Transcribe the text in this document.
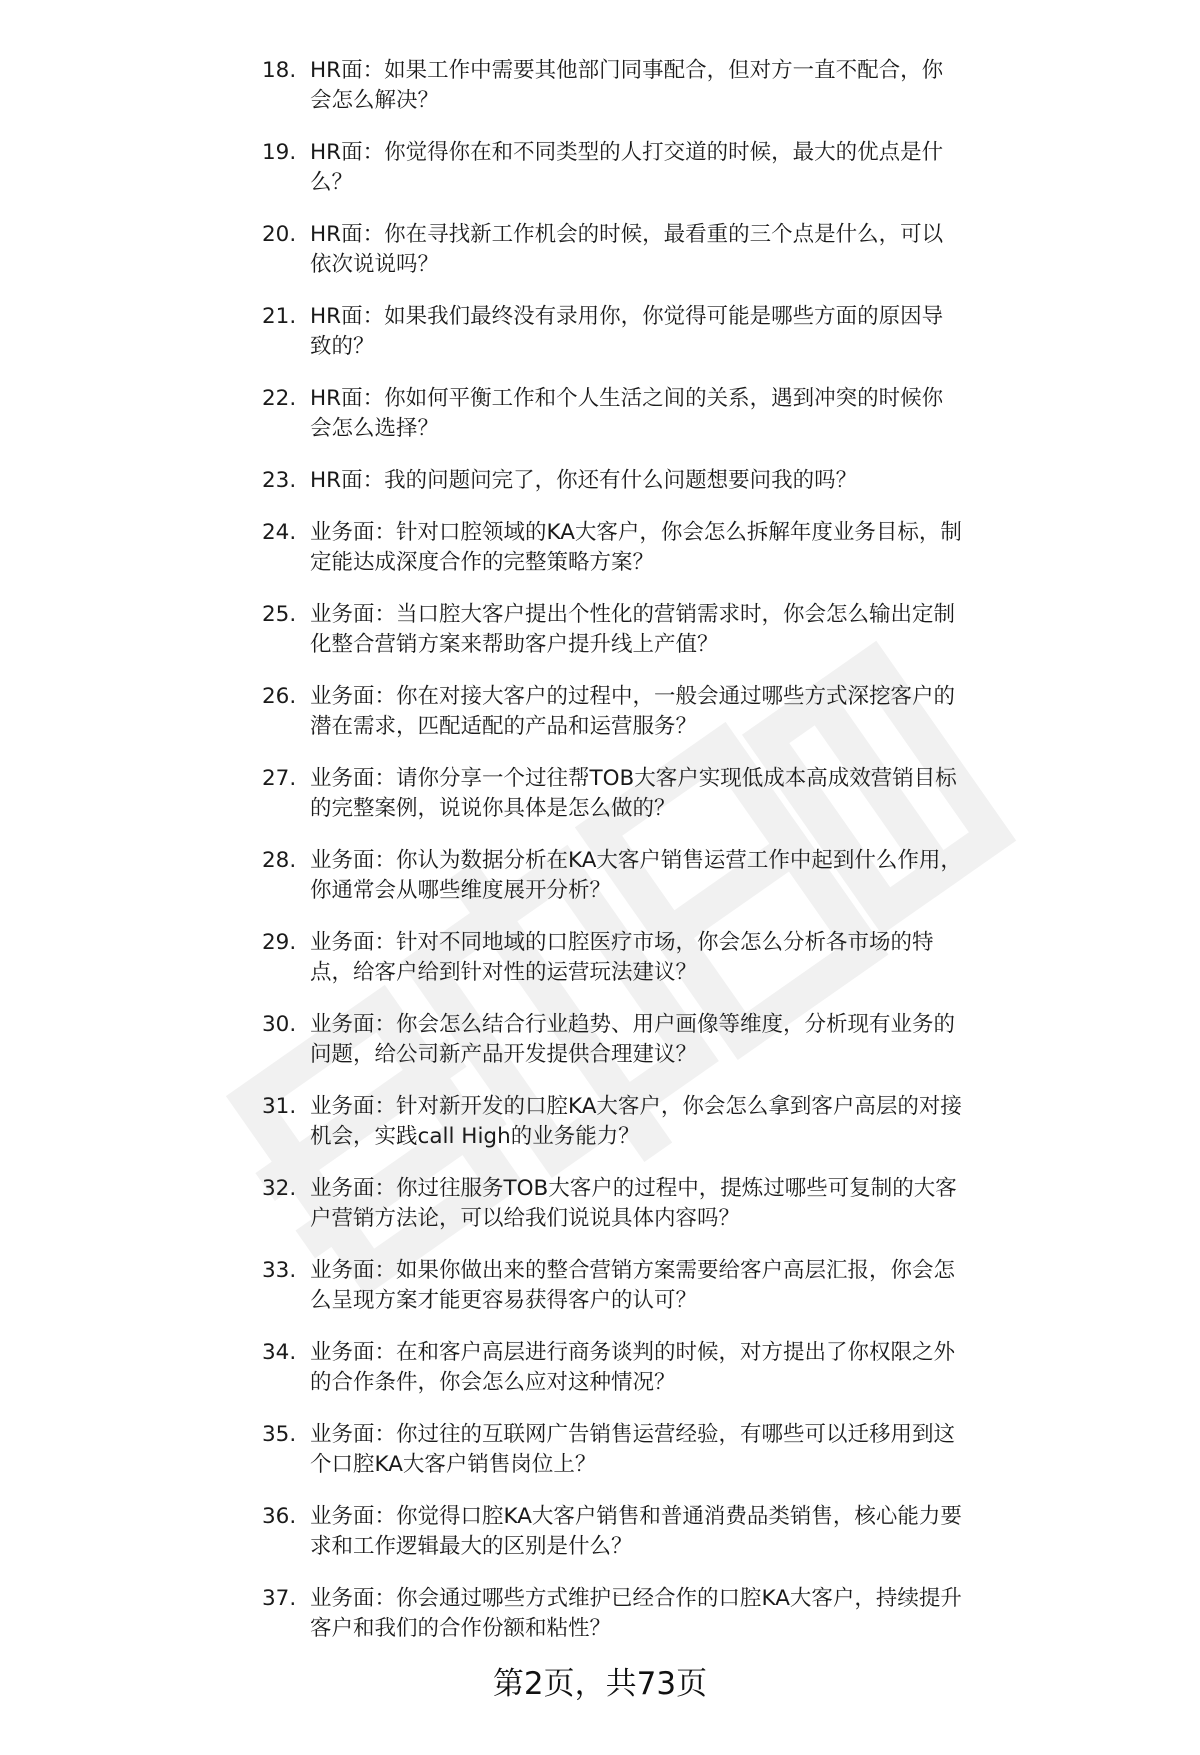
18. HR面：如果工作中需要其他部门同事配合，但对方一直不配合，你会怎么解决？
19. HR面：你觉得你在和不同类型的人打交道的时候，最大的优点是什么？
20. HR面：你在寻找新工作机会的时候，最看重的三个点是什么，可以依次说说吗？
21. HR面：如果我们最终没有录用你，你觉得可能是哪些方面的原因导致的？
22. HR面：你如何平衡工作和个人生活之间的关系，遇到冲突的时候你会怎么选择？
23. HR面：我的问题问完了，你还有什么问题想要问我的吗？
24. 业务面：针对口腔领域的KA大客户，你会怎么拆解年度业务目标，制定能达成深度合作的完整策略方案？
25. 业务面：当口腔大客户提出个性化的营销需求时，你会怎么输出定制化整合营销方案来帮助客户提升线上产值？
26. 业务面：你在对接大客户的过程中，一般会通过哪些方式深挖客户的潜在需求，匹配适配的产品和运营服务？
27. 业务面：请你分享一个过往帮TOB大客户实现低成本高成效营销目标的完整案例，说说你具体是怎么做的？
28. 业务面：你认为数据分析在KA大客户销售运营工作中起到什么作用，你通常会从哪些维度展开分析？
29. 业务面：针对不同地域的口腔医疗市场，你会怎么分析各市场的特点，给客户给到针对性的运营玩法建议？
30. 业务面：你会怎么结合行业趋势、用户画像等维度，分析现有业务的问题，给公司新产品开发提供合理建议？
31. 业务面：针对新开发的口腔KA大客户，你会怎么拿到客户高层的对接机会，实践call High的业务能力？
32. 业务面：你过往服务TOB大客户的过程中，提炼过哪些可复制的大客户营销方法论，可以给我们说说具体内容吗？
33. 业务面：如果你做出来的整合营销方案需要给客户高层汇报，你会怎么呈现方案才能更容易获得客户的认可？
34. 业务面：在和客户高层进行商务谈判的时候，对方提出了你权限之外的合作条件，你会怎么应对这种情况？
35. 业务面：你过往的互联网广告销售运营经验，有哪些可以迁移用到这个口腔KA大客户销售岗位上？
36. 业务面：你觉得口腔KA大客户销售和普通消费品类销售，核心能力要求和工作逻辑最大的区别是什么？
37. 业务面：你会通过哪些方式维护已经合作的口腔KA大客户，持续提升客户和我们的合作份额和粘性？
第2页，共73页
